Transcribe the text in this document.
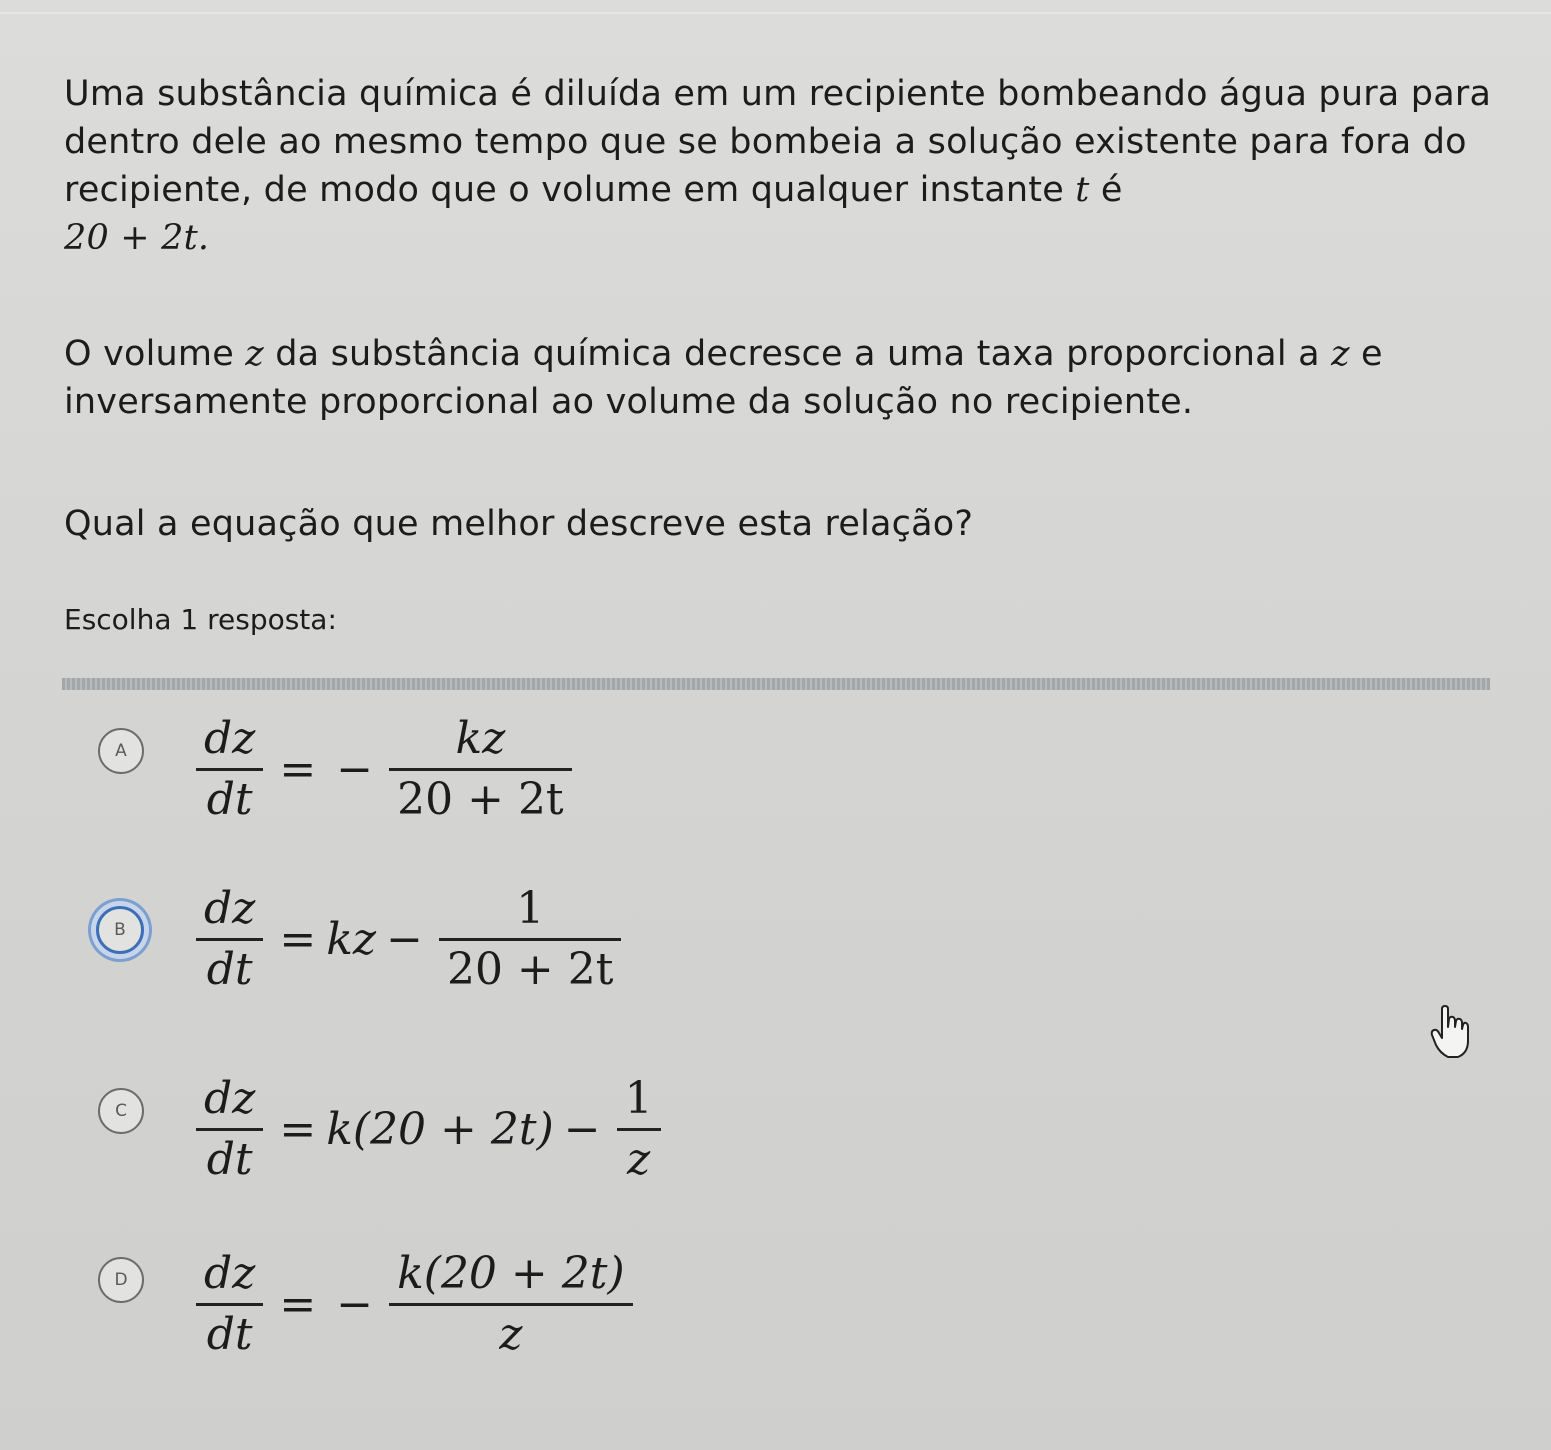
Uma substância química é diluída em um recipiente bombeando água pura para dentro dele ao mesmo tempo que se bombeia a solução existente para fora do recipiente, de modo que o volume em qualquer instante t é
20 + 2t.
O volume z da substância química decresce a uma taxa proporcional a z e inversamente proporcional ao volume da solução no recipiente.
Qual a equação que melhor descreve esta relação?
Escolha 1 resposta:
A	$\frac{dz}{dt}$ = − $\frac{kz}{20 + 2t}$
B	$\frac{dz}{dt}$ = kz − $\frac{1}{20 + 2t}$
C	$\frac{dz}{dt} = k(20 + 2t) - \frac{1}{z}$
D	$\frac{dz}{dt}$ = − $\frac{k(20 + 2t)}{z}$
